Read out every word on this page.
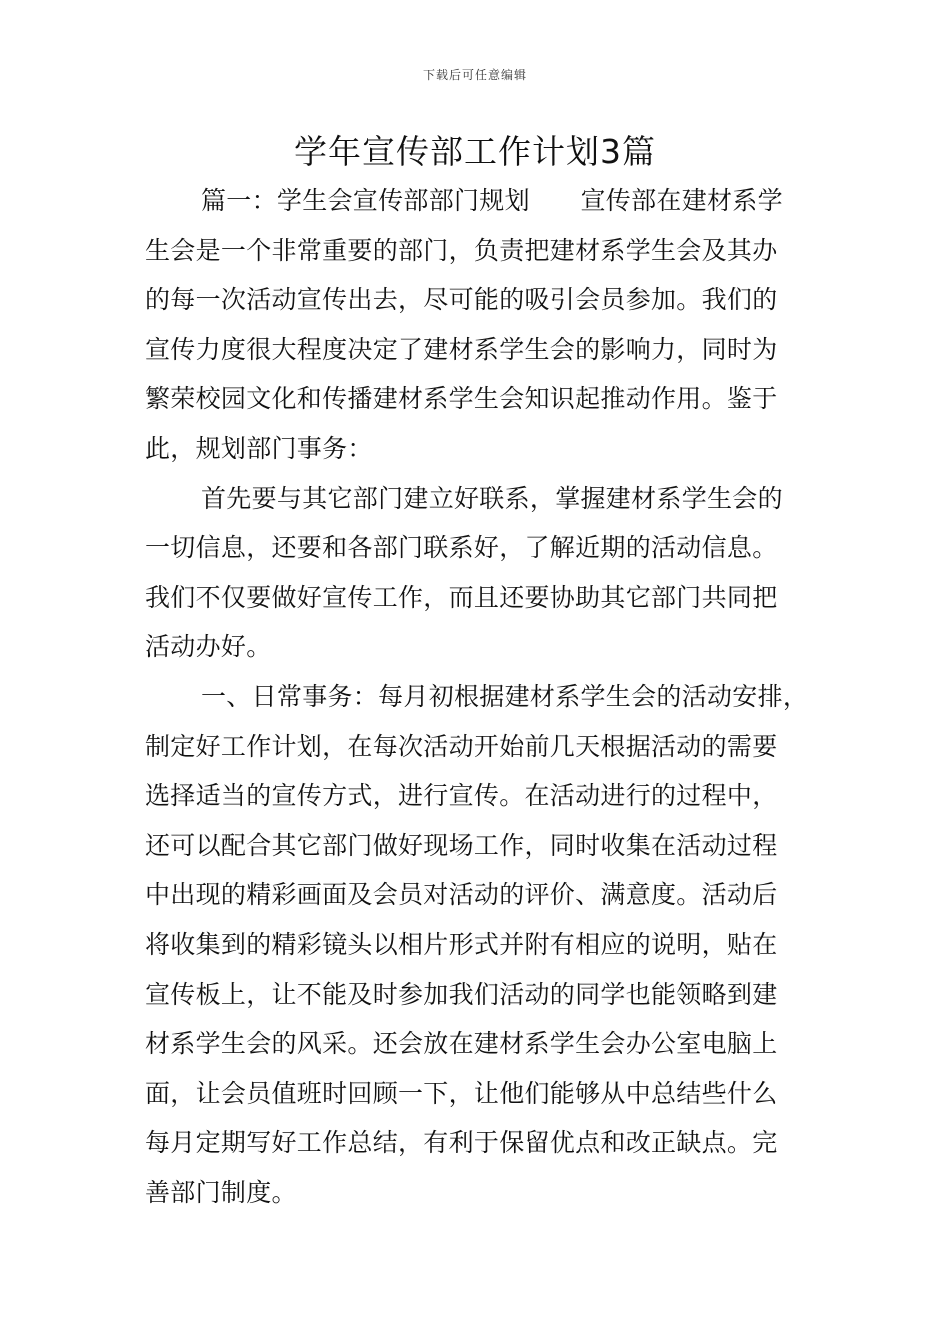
下载后可任意编辑
学年宣传部工作计划3篇
篇一：学生会宣传部部门规划　　宣传部在建材系学
生会是一个非常重要的部门，负责把建材系学生会及其办
的每一次活动宣传出去，尽可能的吸引会员参加。我们的
宣传力度很大程度决定了建材系学生会的影响力，同时为
繁荣校园文化和传播建材系学生会知识起推动作用。鉴于
此，规划部门事务：
首先要与其它部门建立好联系，掌握建材系学生会的
一切信息，还要和各部门联系好，了解近期的活动信息。
我们不仅要做好宣传工作，而且还要协助其它部门共同把
活动办好。
一、日常事务：每月初根据建材系学生会的活动安排，
制定好工作计划，在每次活动开始前几天根据活动的需要
选择适当的宣传方式，进行宣传。在活动进行的过程中，
还可以配合其它部门做好现场工作，同时收集在活动过程
中出现的精彩画面及会员对活动的评价、满意度。活动后
将收集到的精彩镜头以相片形式并附有相应的说明，贴在
宣传板上，让不能及时参加我们活动的同学也能领略到建
材系学生会的风采。还会放在建材系学生会办公室电脑上
面，让会员值班时回顾一下，让他们能够从中总结些什么
每月定期写好工作总结，有利于保留优点和改正缺点。完
善部门制度。
